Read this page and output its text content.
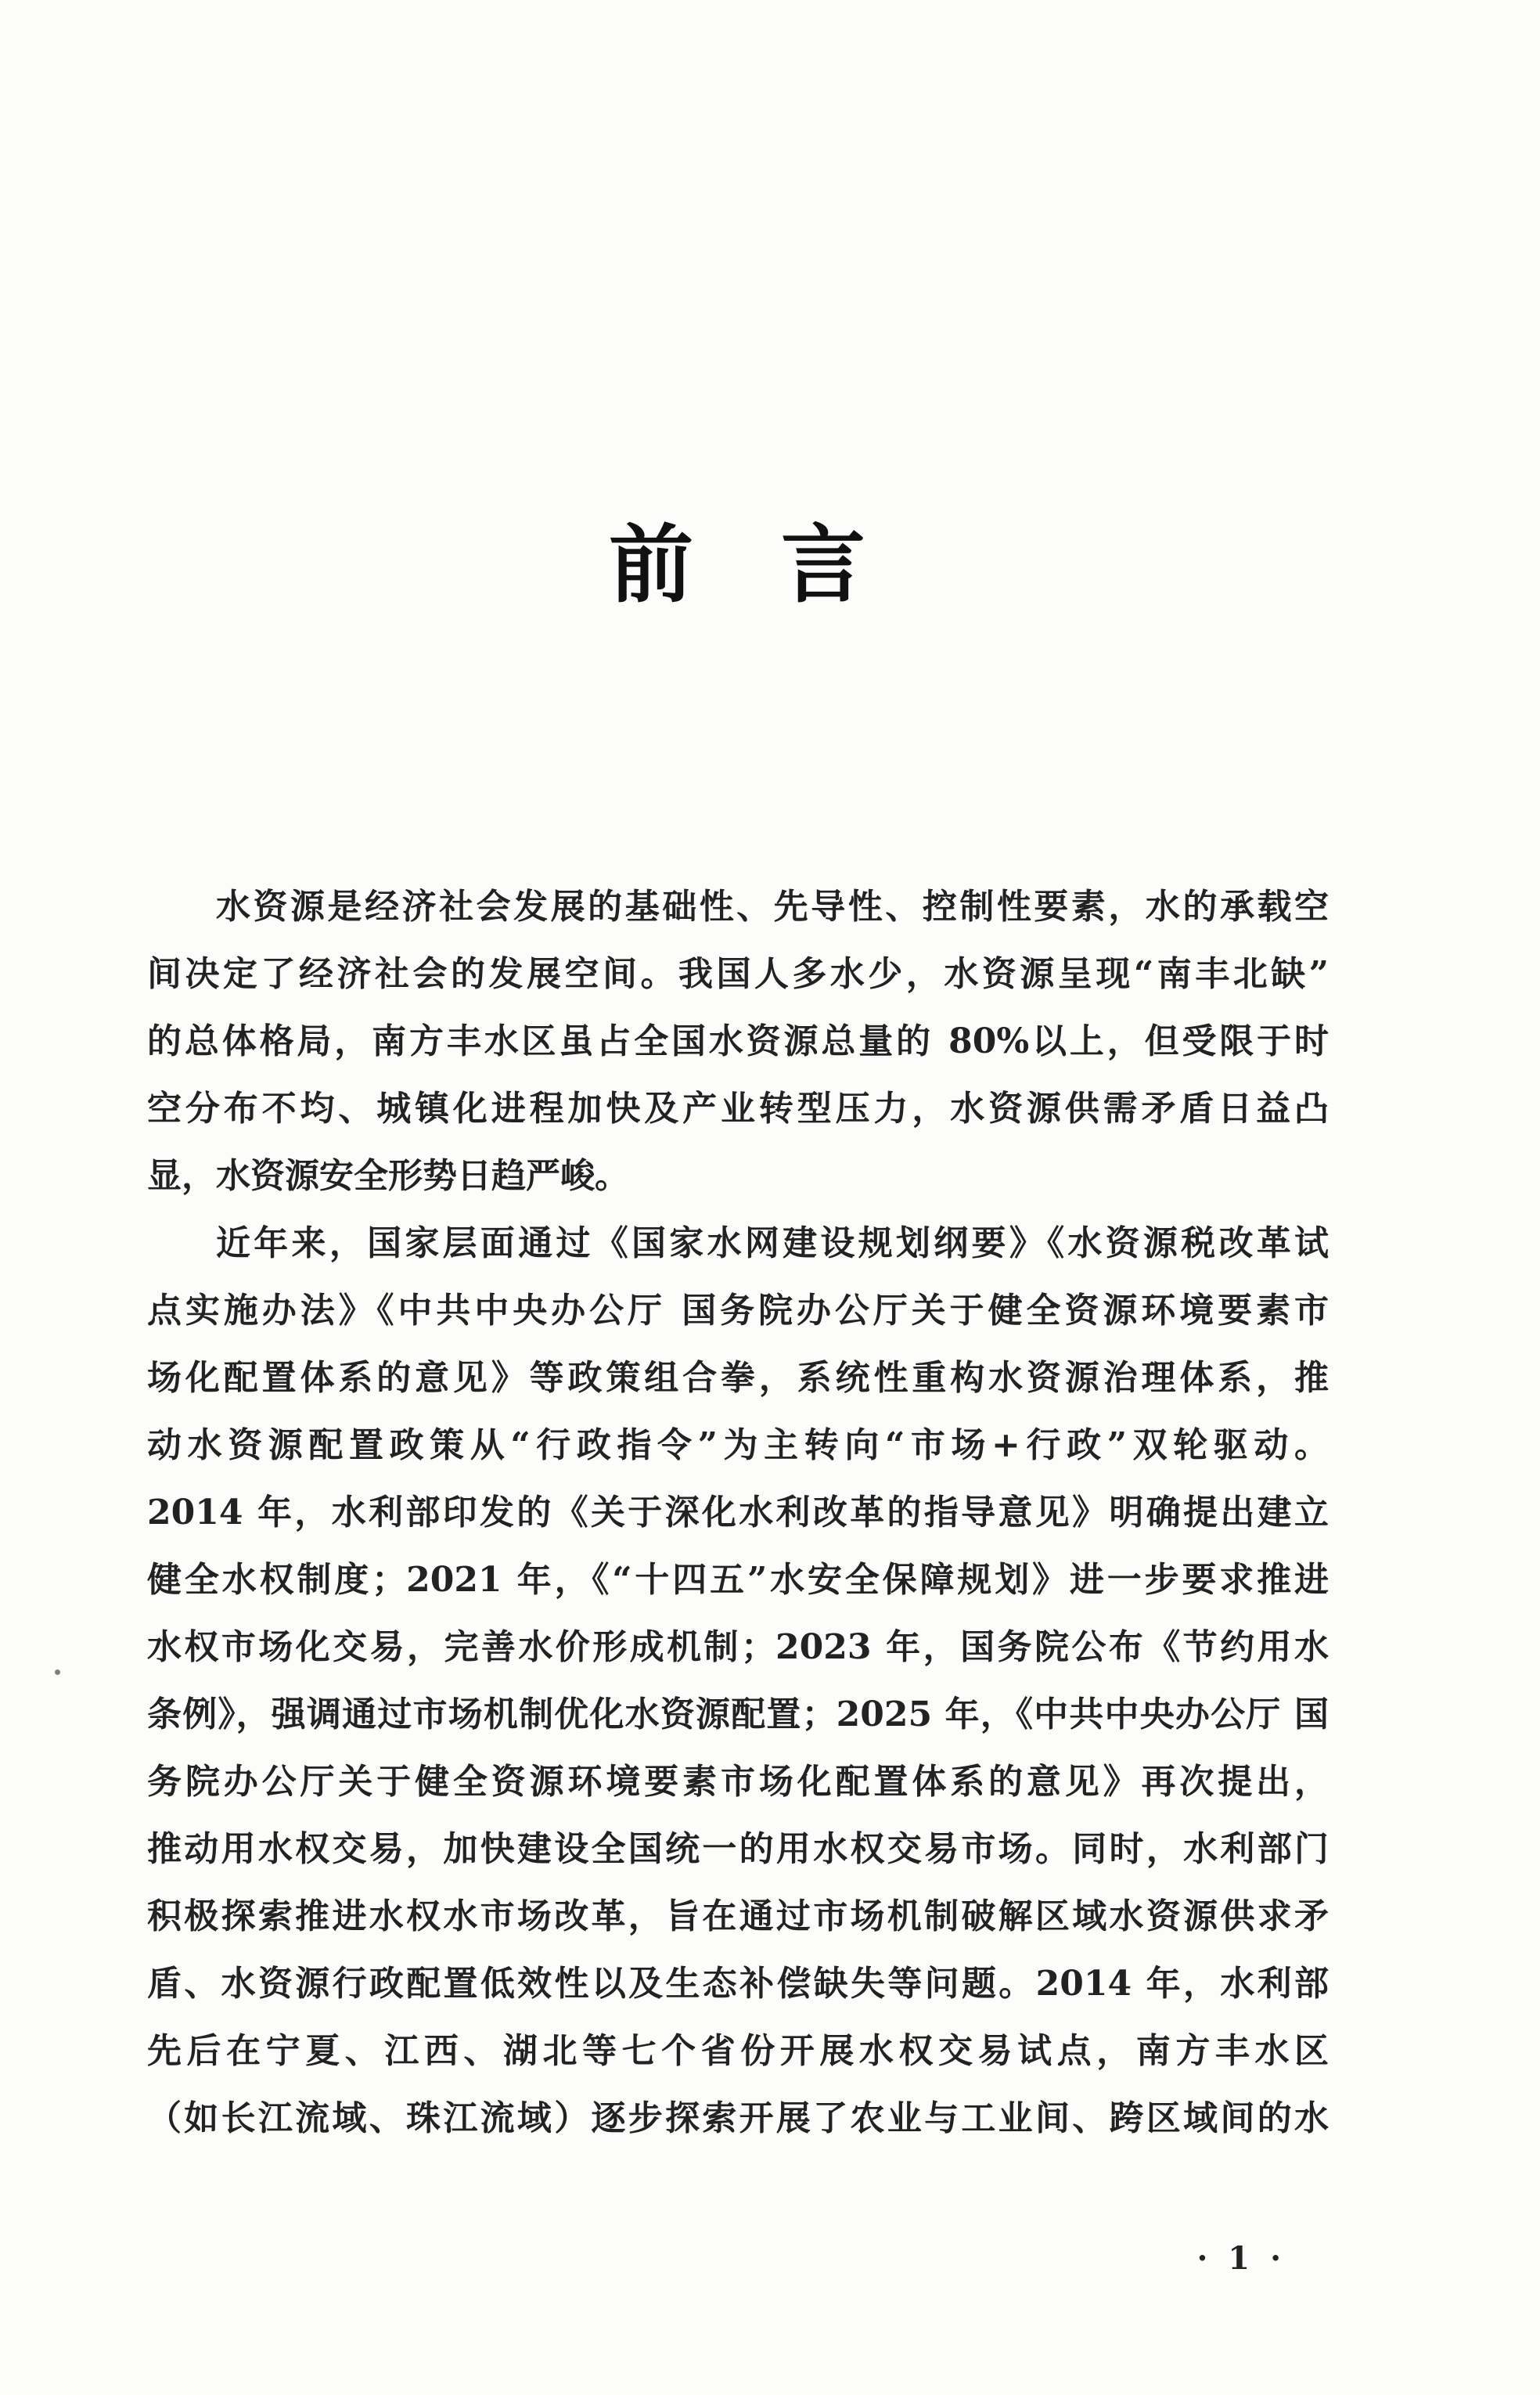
前　言
水资源是经济社会发展的基础性、先导性、控制性要素，水的承载空
间决定了经济社会的发展空间。我国人多水少，水资源呈现“南丰北缺”
的总体格局，南方丰水区虽占全国水资源总量的 80%以上，但受限于时
空分布不均、城镇化进程加快及产业转型压力，水资源供需矛盾日益凸
显，水资源安全形势日趋严峻。
近年来，国家层面通过《国家水网建设规划纲要》《水资源税改革试
点实施办法》《中共中央办公厅 国务院办公厅关于健全资源环境要素市
场化配置体系的意见》等政策组合拳，系统性重构水资源治理体系，推
动水资源配置政策从“行政指令”为主转向“市场+行政”双轮驱动。
2014 年，水利部印发的《关于深化水利改革的指导意见》明确提出建立
健全水权制度；2021 年，《“十四五”水安全保障规划》进一步要求推进
水权市场化交易，完善水价形成机制；2023 年，国务院公布《节约用水
条例》，强调通过市场机制优化水资源配置；2025 年，《中共中央办公厅 国
务院办公厅关于健全资源环境要素市场化配置体系的意见》再次提出，
推动用水权交易，加快建设全国统一的用水权交易市场。同时，水利部门
积极探索推进水权水市场改革，旨在通过市场机制破解区域水资源供求矛
盾、水资源行政配置低效性以及生态补偿缺失等问题。2014 年，水利部
先后在宁夏、江西、湖北等七个省份开展水权交易试点，南方丰水区
（如长江流域、珠江流域）逐步探索开展了农业与工业间、跨区域间的水
· 1 ·
